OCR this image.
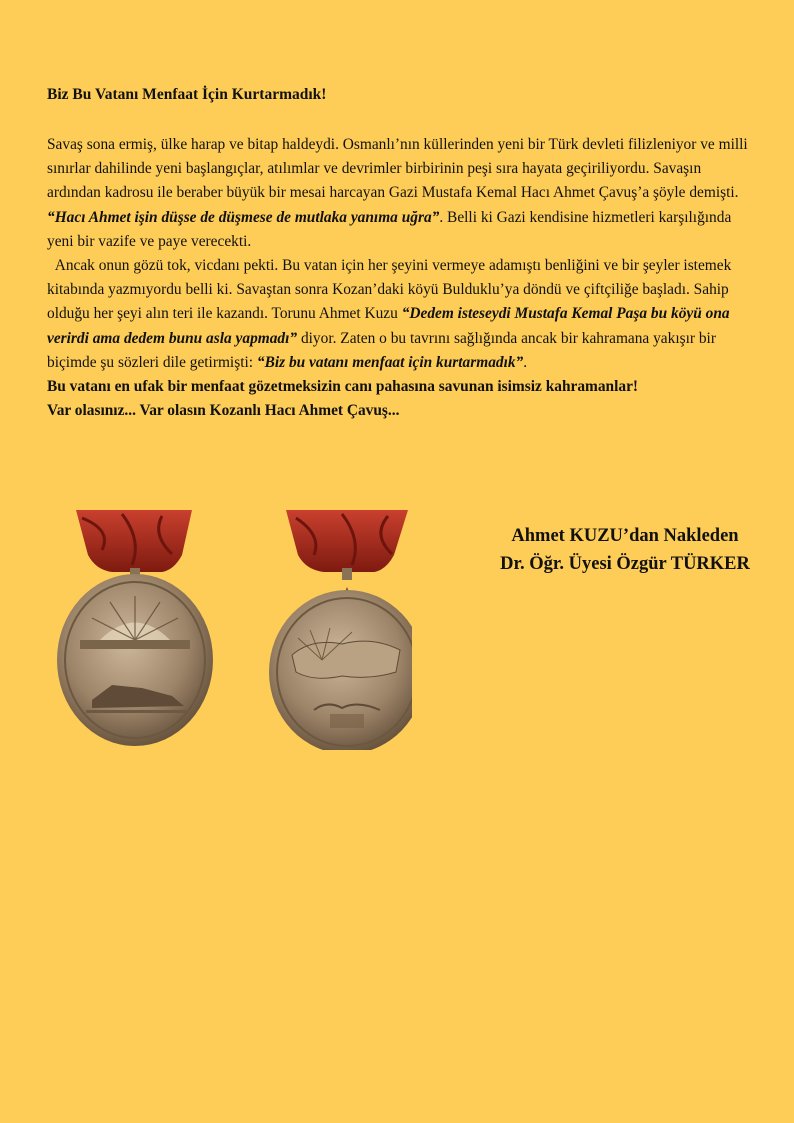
Biz Bu Vatanı Menfaat İçin Kurtarmadık!

Savaş sona ermiş, ülke harap ve bitap haldeydi. Osmanlı’nın küllerinden yeni bir Türk devleti filizleniyor ve milli sınırlar dahilinde yeni başlangıçlar, atılımlar ve devrimler birbirinin peşi sıra hayata geçiriliyordu. Savaşın ardından kadrosu ile beraber büyük bir mesai harcayan Gazi Mustafa Kemal Hacı Ahmet Çavuş’a şöyle demişti. “Hacı Ahmet işin düşse de düşmese de mutlaka yanıma uğra”. Belli ki Gazi kendisine hizmetleri karşılığında yeni bir vazife ve paye verecekti.
Ancak onun gözü tok, vicdanı pekti. Bu vatan için her şeyini vermeye adamıştı benliğini ve bir şeyler istemek kitabında yazmıyordu belli ki. Savaştan sonra Kozan’daki köyü Bulduklu’ya döndü ve çiftçiliğe başladı. Sahip olduğu her şeyi alın teri ile kazandı. Torunu Ahmet Kuzu “Dedem isteseydi Mustafa Kemal Paşa bu köyü ona verirdi ama dedem bunu asla yapmadı” diyor. Zaten o bu tavrını sağlığında ancak bir kahramana yakışır bir biçimde şu sözleri dile getirmişti: “Biz bu vatanı menfaat için kurtarmadık”.

Bu vatanı en ufak bir menfaat gözetmeksizin canı pahasına savunan isimsiz kahramanlar!

Var olasınız... Var olasın Kozanlı Hacı Ahmet Çavuş...

Ahmet KUZU’dan Nakleden
Dr. Öğr. Üyesi Özgür TÜRKER
